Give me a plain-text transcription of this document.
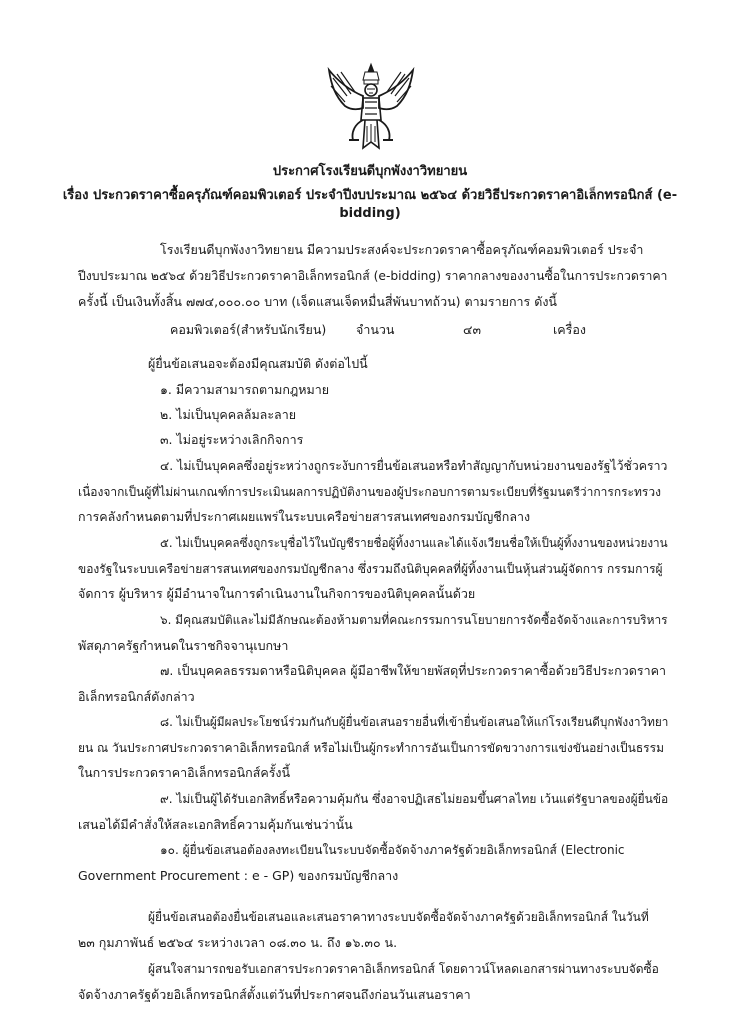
ประกาศโรงเรียนดีบุกพังงาวิทยายน
เรื่อง ประกวดราคาซื้อครุภัณฑ์คอมพิวเตอร์ ประจำปีงบประมาณ ๒๕๖๔ ด้วยวิธีประกวดราคาอิเล็กทรอนิกส์ (e-
bidding)
โรงเรียนดีบุกพังงาวิทยายน มีความประสงค์จะประกวดราคาซื้อครุภัณฑ์คอมพิวเตอร์ ประจำ
ปีงบประมาณ ๒๕๖๔ ด้วยวิธีประกวดราคาอิเล็กทรอนิกส์ (e-bidding) ราคากลางของงานซื้อในการประกวดราคา
ครั้งนี้ เป็นเงินทั้งสิ้น ๗๗๔,๐๐๐.๐๐ บาท (เจ็ดแสนเจ็ดหมื่นสี่พันบาทถ้วน) ตามรายการ ดังนี้
คอมพิวเตอร์(สำหรับนักเรียน) จำนวน	๔๓	เครื่อง
ผู้ยื่นข้อเสนอจะต้องมีคุณสมบัติ ดังต่อไปนี้
๑. มีความสามารถตามกฎหมาย
๒. ไม่เป็นบุคคลล้มละลาย
๓. ไม่อยู่ระหว่างเลิกกิจการ
๔. ไม่เป็นบุคคลซึ่งอยู่ระหว่างถูกระงับการยื่นข้อเสนอหรือทำสัญญากับหน่วยงานของรัฐไว้ชั่วคราว
เนื่องจากเป็นผู้ที่ไม่ผ่านเกณฑ์การประเมินผลการปฏิบัติงานของผู้ประกอบการตามระเบียบที่รัฐมนตรีว่าการกระทรวง
การคลังกำหนดตามที่ประกาศเผยแพร่ในระบบเครือข่ายสารสนเทศของกรมบัญชีกลาง
๕. ไม่เป็นบุคคลซึ่งถูกระบุชื่อไว้ในบัญชีรายชื่อผู้ทิ้งงานและได้แจ้งเวียนชื่อให้เป็นผู้ทิ้งงานของหน่วยงาน
ของรัฐในระบบเครือข่ายสารสนเทศของกรมบัญชีกลาง ซึ่งรวมถึงนิติบุคคลที่ผู้ทิ้งงานเป็นหุ้นส่วนผู้จัดการ กรรมการผู้
จัดการ ผู้บริหาร ผู้มีอำนาจในการดำเนินงานในกิจการของนิติบุคคลนั้นด้วย
๖. มีคุณสมบัติและไม่มีลักษณะต้องห้ามตามที่คณะกรรมการนโยบายการจัดซื้อจัดจ้างและการบริหาร
พัสดุภาครัฐกำหนดในราชกิจจานุเบกษา
๗. เป็นบุคคลธรรมดาหรือนิติบุคคล ผู้มีอาชีพให้ขายพัสดุที่ประกวดราคาซื้อด้วยวิธีประกวดราคา
อิเล็กทรอนิกส์ดังกล่าว
๘. ไม่เป็นผู้มีผลประโยชน์ร่วมกันกับผู้ยื่นข้อเสนอรายอื่นที่เข้ายื่นข้อเสนอให้แก่โรงเรียนดีบุกพังงาวิทยา
ยน ณ วันประกาศประกวดราคาอิเล็กทรอนิกส์ หรือไม่เป็นผู้กระทำการอันเป็นการขัดขวางการแข่งขันอย่างเป็นธรรม
ในการประกวดราคาอิเล็กทรอนิกส์ครั้งนี้
๙. ไม่เป็นผู้ได้รับเอกสิทธิ์หรือความคุ้มกัน ซึ่งอาจปฏิเสธไม่ยอมขึ้นศาลไทย เว้นแต่รัฐบาลของผู้ยื่นข้อ
เสนอได้มีคำสั่งให้สละเอกสิทธิ์ความคุ้มกันเช่นว่านั้น
๑๐. ผู้ยื่นข้อเสนอต้องลงทะเบียนในระบบจัดซื้อจัดจ้างภาครัฐด้วยอิเล็กทรอนิกส์ (Electronic
Government Procurement : e - GP) ของกรมบัญชีกลาง
ผู้ยื่นข้อเสนอต้องยื่นข้อเสนอและเสนอราคาทางระบบจัดซื้อจัดจ้างภาครัฐด้วยอิเล็กทรอนิกส์ ในวันที่
๒๓ กุมภาพันธ์ ๒๕๖๔ ระหว่างเวลา ๐๘.๓๐ น. ถึง ๑๖.๓๐ น.
ผู้สนใจสามารถขอรับเอกสารประกวดราคาอิเล็กทรอนิกส์ โดยดาวน์โหลดเอกสารผ่านทางระบบจัดซื้อ
จัดจ้างภาครัฐด้วยอิเล็กทรอนิกส์ตั้งแต่วันที่ประกาศจนถึงก่อนวันเสนอราคา
